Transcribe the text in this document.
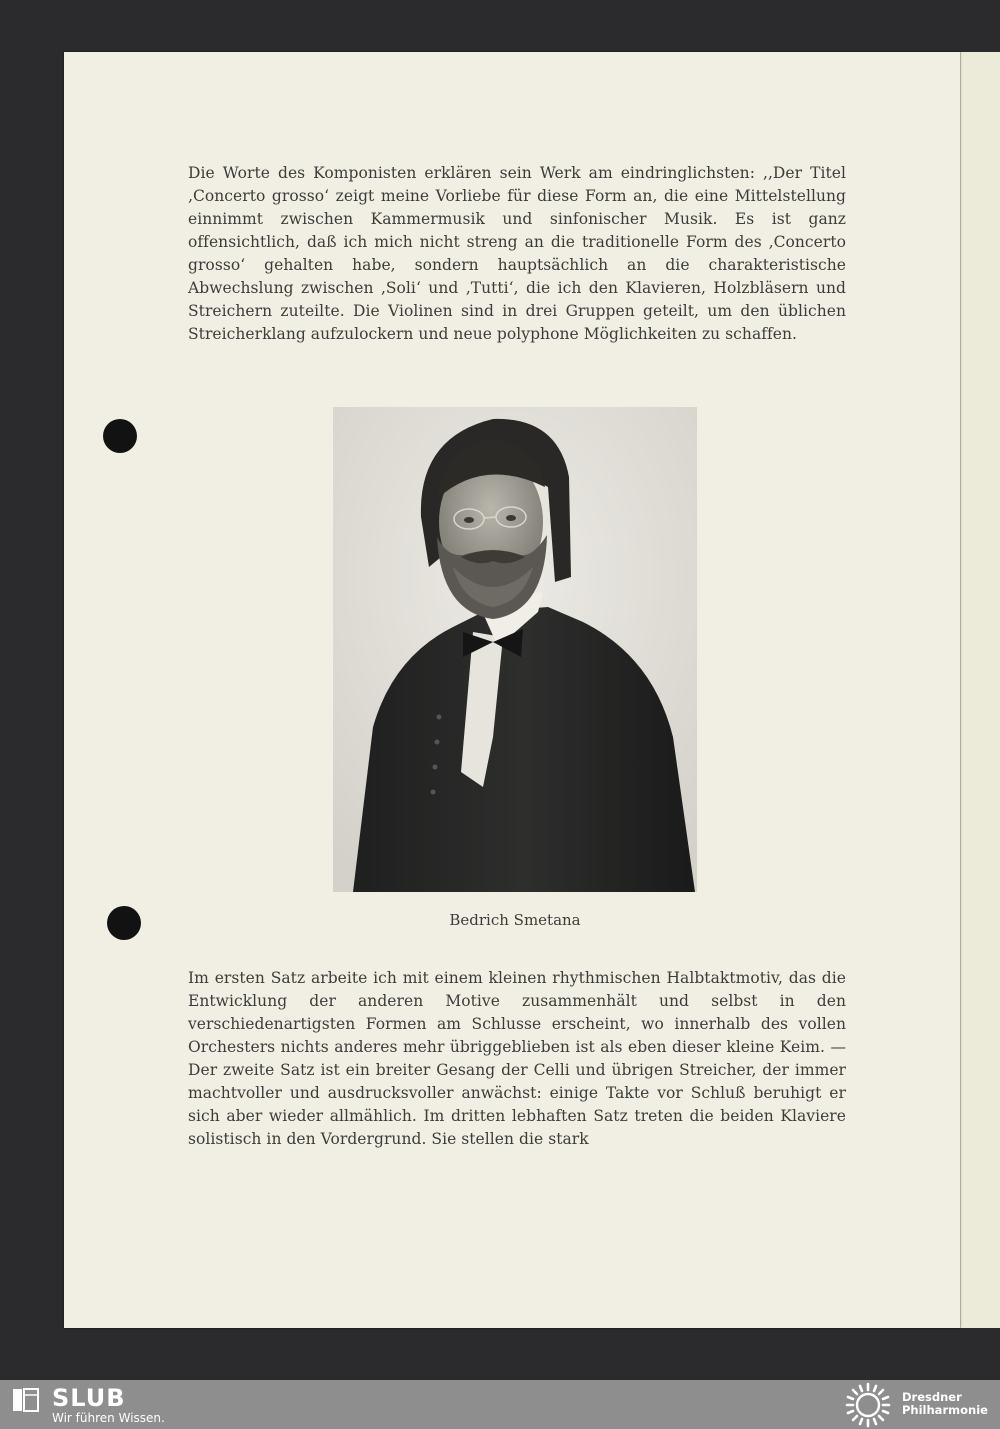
Die Worte des Komponisten erklären sein Werk am eindringlichsten: ,,Der Titel ‚Concerto grosso‘ zeigt meine Vorliebe für diese Form an, die eine Mittelstellung einnimmt zwischen Kammermusik und sinfonischer Musik. Es ist ganz offensichtlich, daß ich mich nicht streng an die traditionelle Form des ‚Concerto grosso‘ gehalten habe, sondern hauptsächlich an die charakteristische Abwechslung zwischen ‚Soli‘ und ‚Tutti‘, die ich den Klavieren, Holzbläsern und Streichern zuteilte. Die Violinen sind in drei Gruppen geteilt, um den üblichen Streicherklang aufzulockern und neue polyphone Möglichkeiten zu schaffen.

Bedrich Smetana

Im ersten Satz arbeite ich mit einem kleinen rhythmischen Halbtaktmotiv, das die Entwicklung der anderen Motive zusammenhält und selbst in den verschiedenartigsten Formen am Schlusse erscheint, wo innerhalb des vollen Orchesters nichts anderes mehr übriggeblieben ist als eben dieser kleine Keim. — Der zweite Satz ist ein breiter Gesang der Celli und übrigen Streicher, der immer machtvoller und ausdrucksvoller anwächst: einige Takte vor Schluß beruhigt er sich aber wieder allmählich. Im dritten lebhaften Satz treten die beiden Klaviere solistisch in den Vordergrund. Sie stellen die stark

SLUB
Wir führen Wissen.
Dresdner
Philharmonie
